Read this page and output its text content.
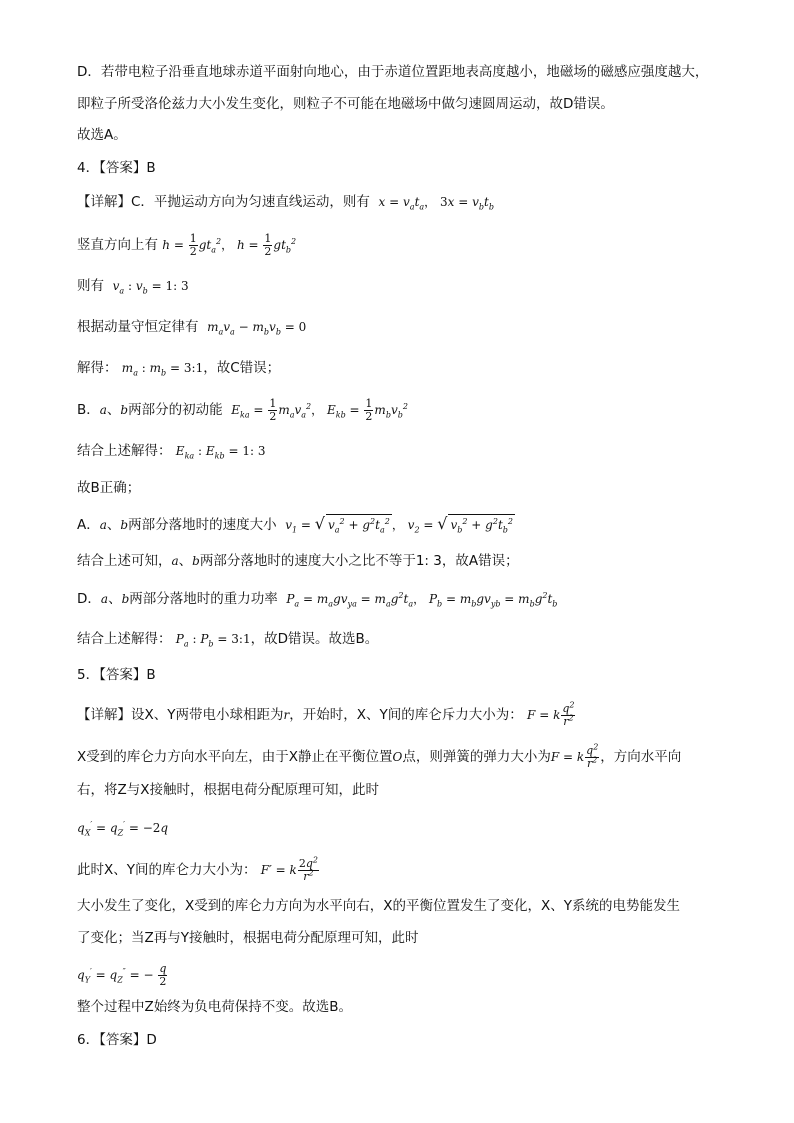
D．若带电粒子沿垂直地球赤道平面射向地心，由于赤道位置距地表高度越小，地磁场的磁感应强度越大，
即粒子所受洛伦兹力大小发生变化，则粒子不可能在地磁场中做匀速圆周运动，故D错误。
故选A。
4．【答案】B
【详解】C．平抛运动方向为匀速直线运动，则有 $x = v_at_a$， $3x = v_bt_b$
竖直方向上有 $h = \frac{1}{2} gt_a^2$， $h = \frac{1}{2} gt_b^2$
则有 $v_a$ : $v_b = 1$: 3
根据动量守恒定律有 $m_av_a - m_bv_b = 0$
解得： $m_a$ : $m_b$ = 3:1，故C错误；
B．a、b两部分的初动能 $E_{ka} = \frac{1}{2} m_av_a^2$， $E_{kb} = \frac{1}{2} m_bv_b^2$
结合上述解得： $E_{ka}$ : $E_{kb} = 1$: 3
故B正确；
A．a、b两部分落地时的速度大小 $v_1$ = √ $v_a^2 + g^2t_a^2$ ， $v_2$ = √ $v_b^2 + g^2t_b^2$
结合上述可知，a、b两部分落地时的速度大小之比不等于1: 3，故A错误；
D．a、b两部分落地时的重力功率 $P_a = m_agv_{ya} = m_ag^2t_a$， $P_b = m_bgv_{yb} = m_bg^2t_b$
结合上述解得： $P_a$ : $P_b$ = 3:1，故D错误。故选B。
5．【答案】B
【详解】设X、Y两带电小球相距为r，开始时，X、Y间的库仑斥力大小为： F = k $\frac{q^2}{r^2}$
X受到的库仑力方向水平向左，由于X静止在平衡位置O点，则弹簧的弹力大小为F = k $\frac{q^2}{r^2}$ ，方向水平向
右，将Z与X接触时，根据电荷分配原理可知，此时
$q_X' = q_Z' = -2q$
此时X、Y间的库仑力大小为： F′ = k $\frac{2q^2}{r^2}$
大小发生了变化，X受到的库仑力方向为水平向右，X的平衡位置发生了变化，X、Y系统的电势能发生
了变化；当Z再与Y接触时，根据电荷分配原理可知，此时
$q_Y' = q_Z''$ = − $\frac{q}{2}$
整个过程中Z始终为负电荷保持不变。故选B。
6．【答案】D
